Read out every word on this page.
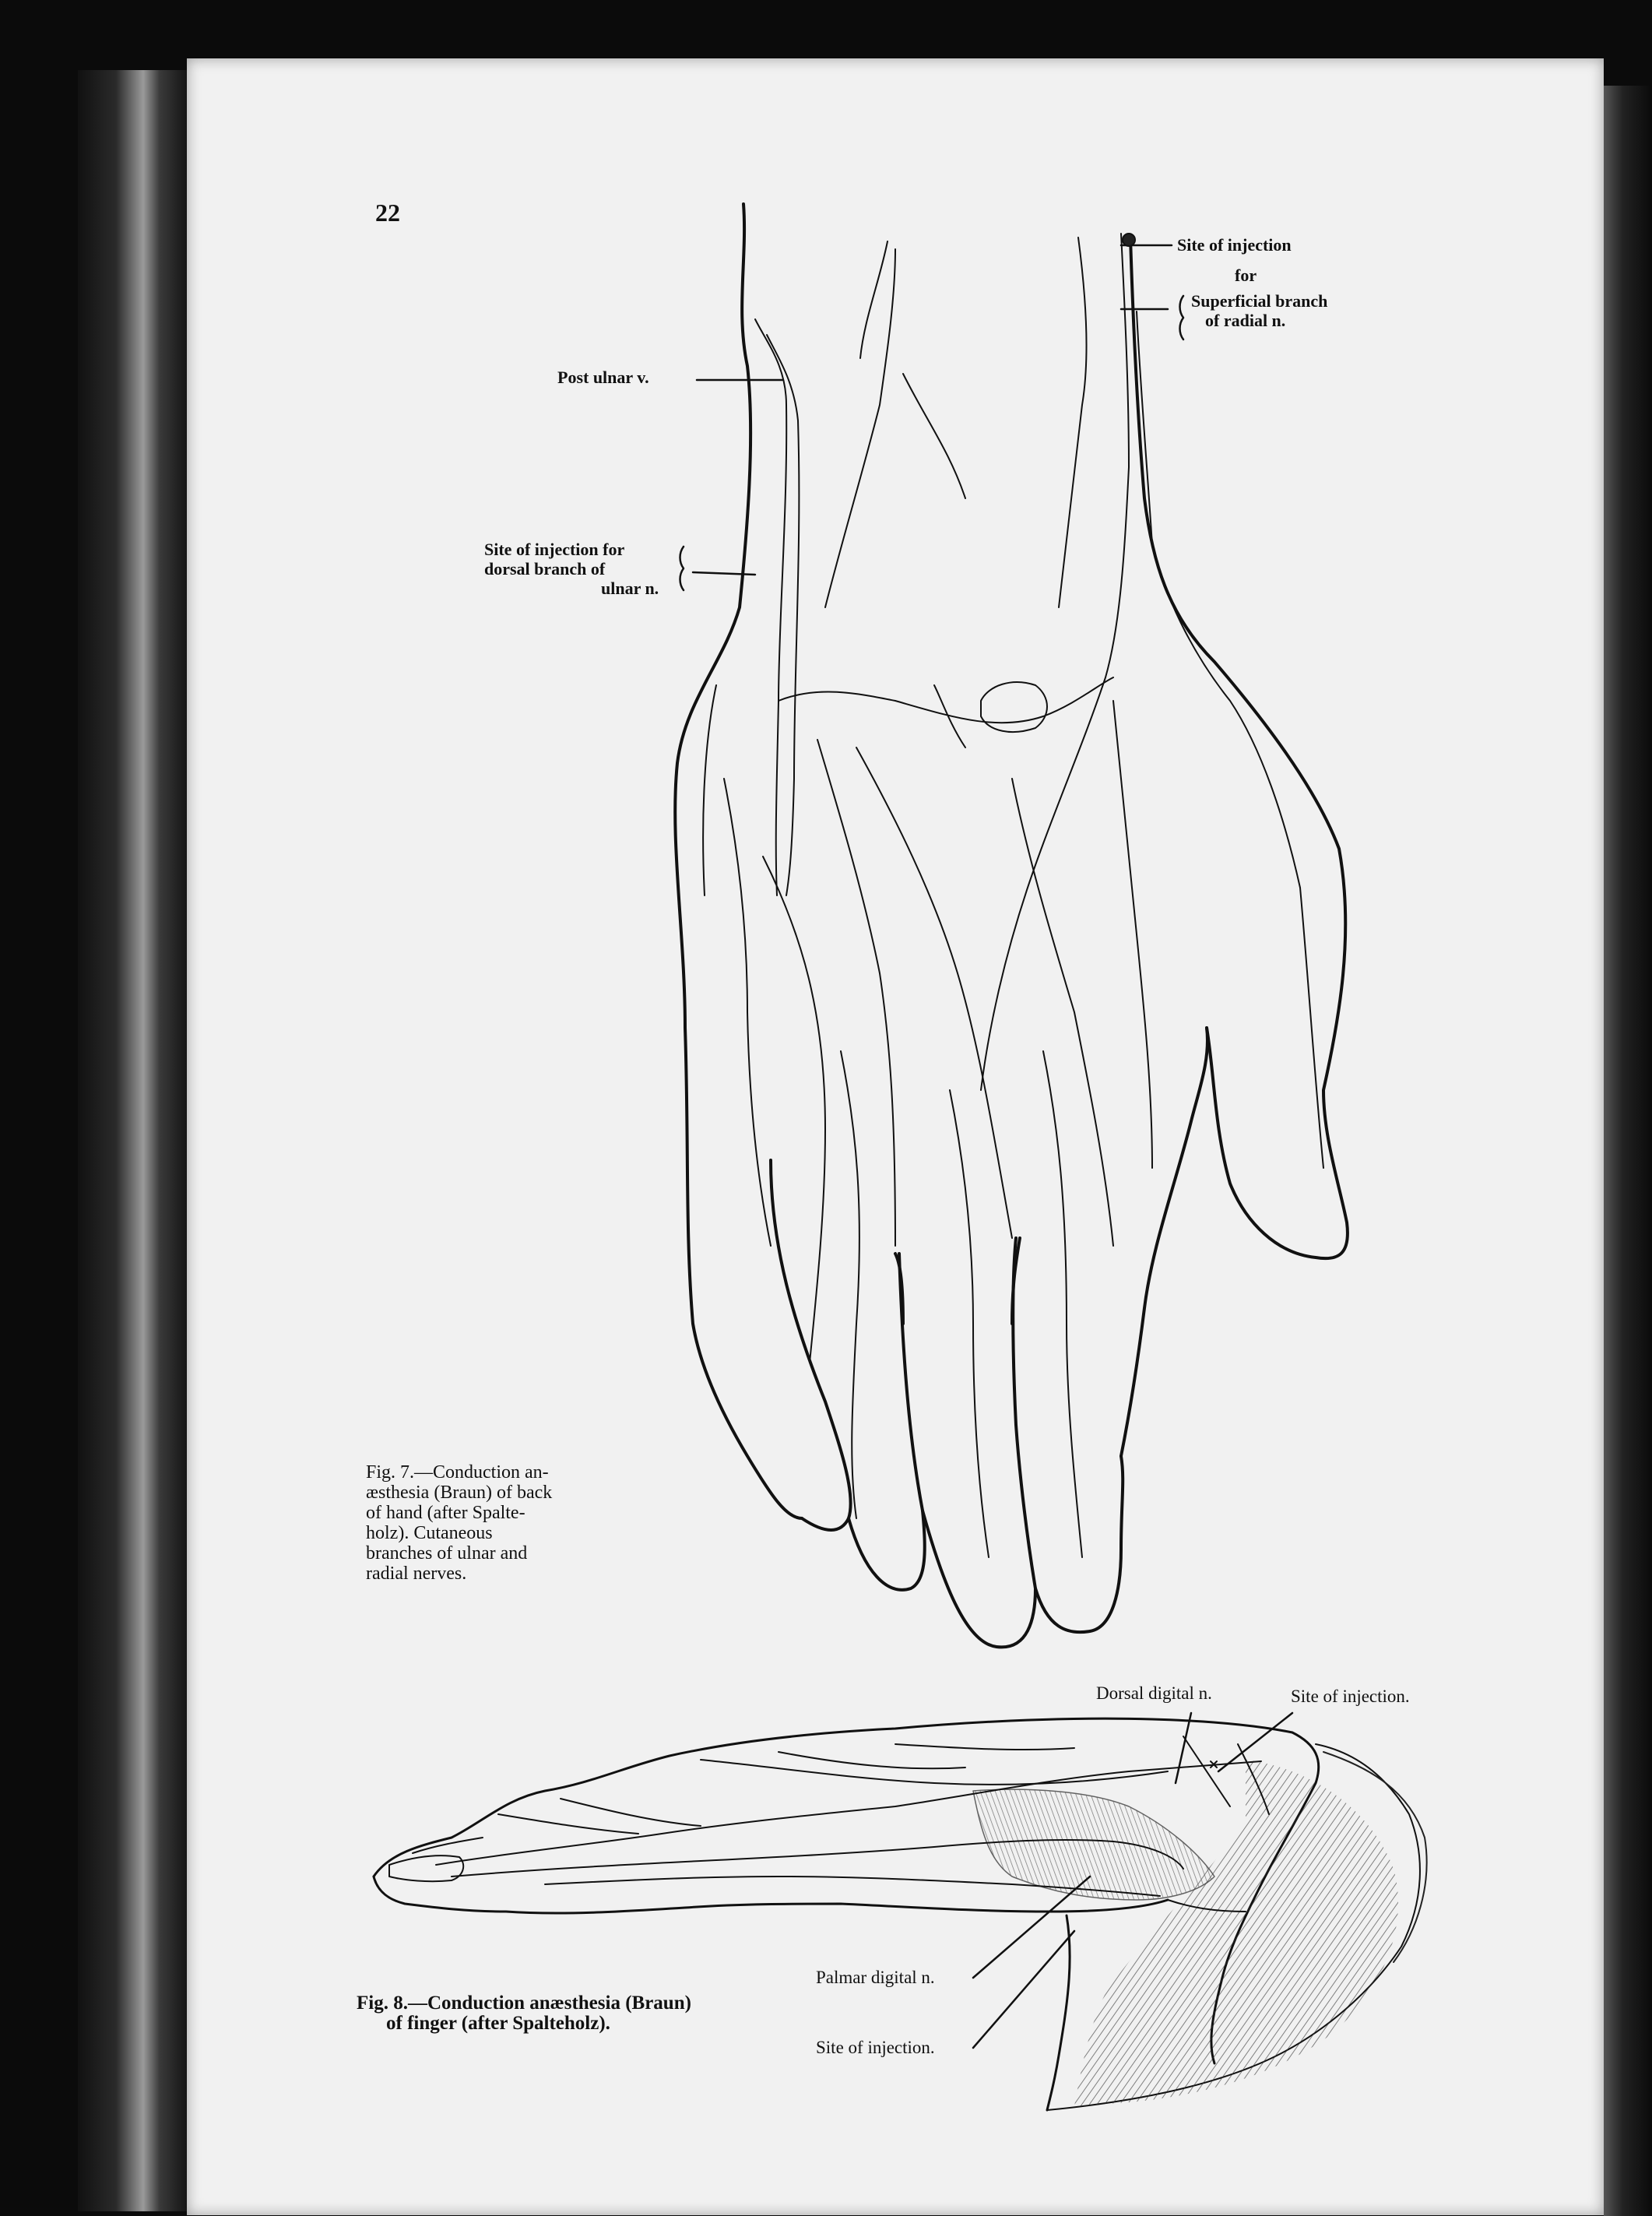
22
Post ulnar v.
Site of injection
for
Superficial branch
of radial n.
Site of injection for
dorsal branch of
ulnar n.
Fig. 7.—Conduction an-
æsthesia (Braun) of back
of hand (after Spalte-
holz). Cutaneous
branches of ulnar and
radial nerves.
Dorsal digital n.	Site of injection.
Palmar digital n.
Site of injection.
Fig. 8.—Conduction anæsthesia (Braun)
of finger (after Spalteholz).
